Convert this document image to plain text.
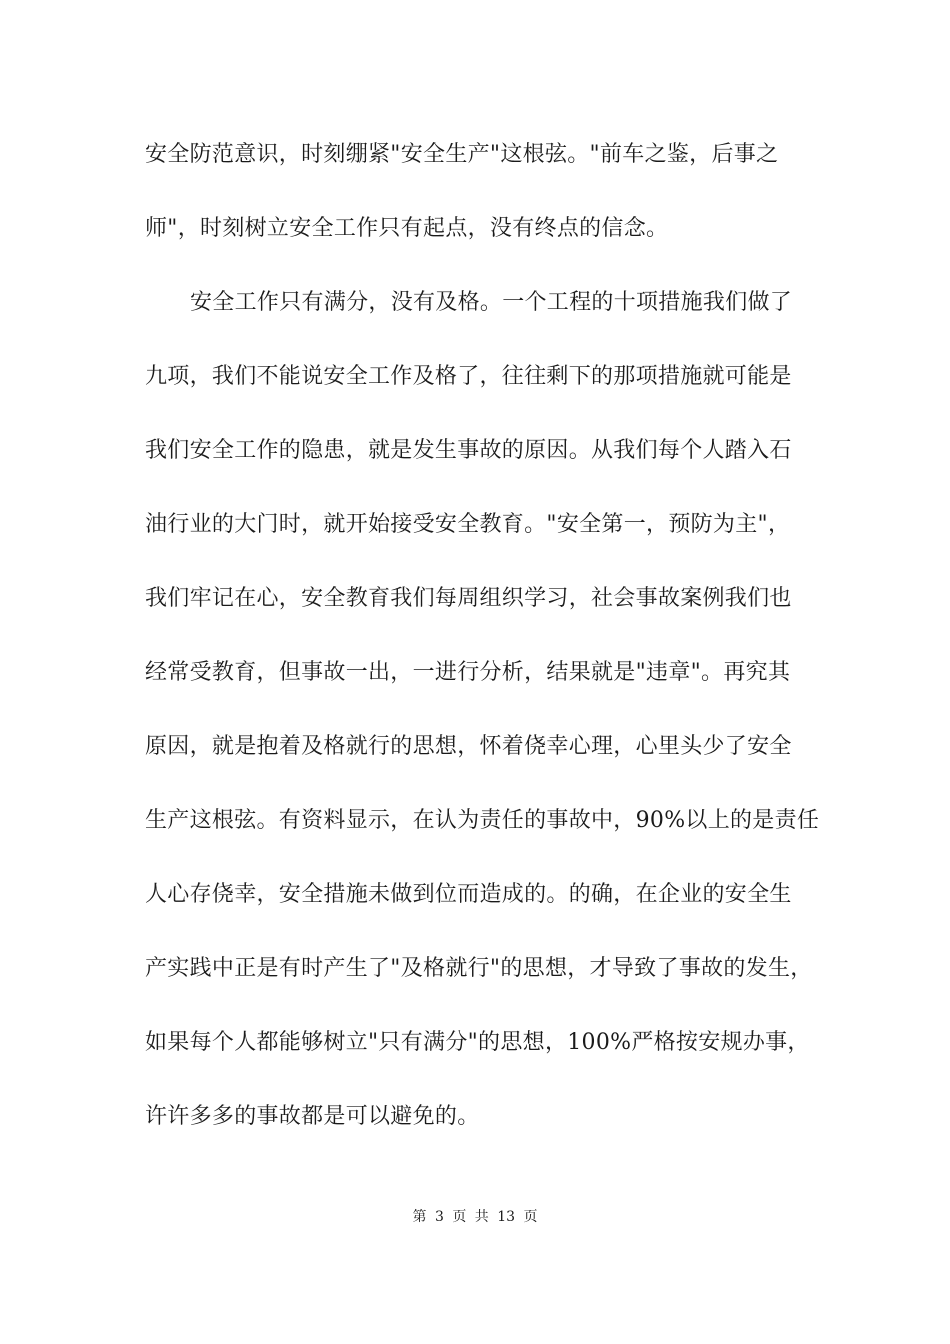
安全防范意识，时刻绷紧"安全生产"这根弦。"前车之鉴，后事之
师"，时刻树立安全工作只有起点，没有终点的信念。
安全工作只有满分，没有及格。一个工程的十项措施我们做了
九项，我们不能说安全工作及格了，往往剩下的那项措施就可能是
我们安全工作的隐患，就是发生事故的原因。从我们每个人踏入石
油行业的大门时，就开始接受安全教育。"安全第一，预防为主"，
我们牢记在心，安全教育我们每周组织学习，社会事故案例我们也
经常受教育，但事故一出，一进行分析，结果就是"违章"。再究其
原因，就是抱着及格就行的思想，怀着侥幸心理，心里头少了安全
生产这根弦。有资料显示，在认为责任的事故中，90%以上的是责任
人心存侥幸，安全措施未做到位而造成的。的确，在企业的安全生
产实践中正是有时产生了"及格就行"的思想，才导致了事故的发生，
如果每个人都能够树立"只有满分"的思想，100%严格按安规办事，
许许多多的事故都是可以避免的。
第 3 页 共 13 页
